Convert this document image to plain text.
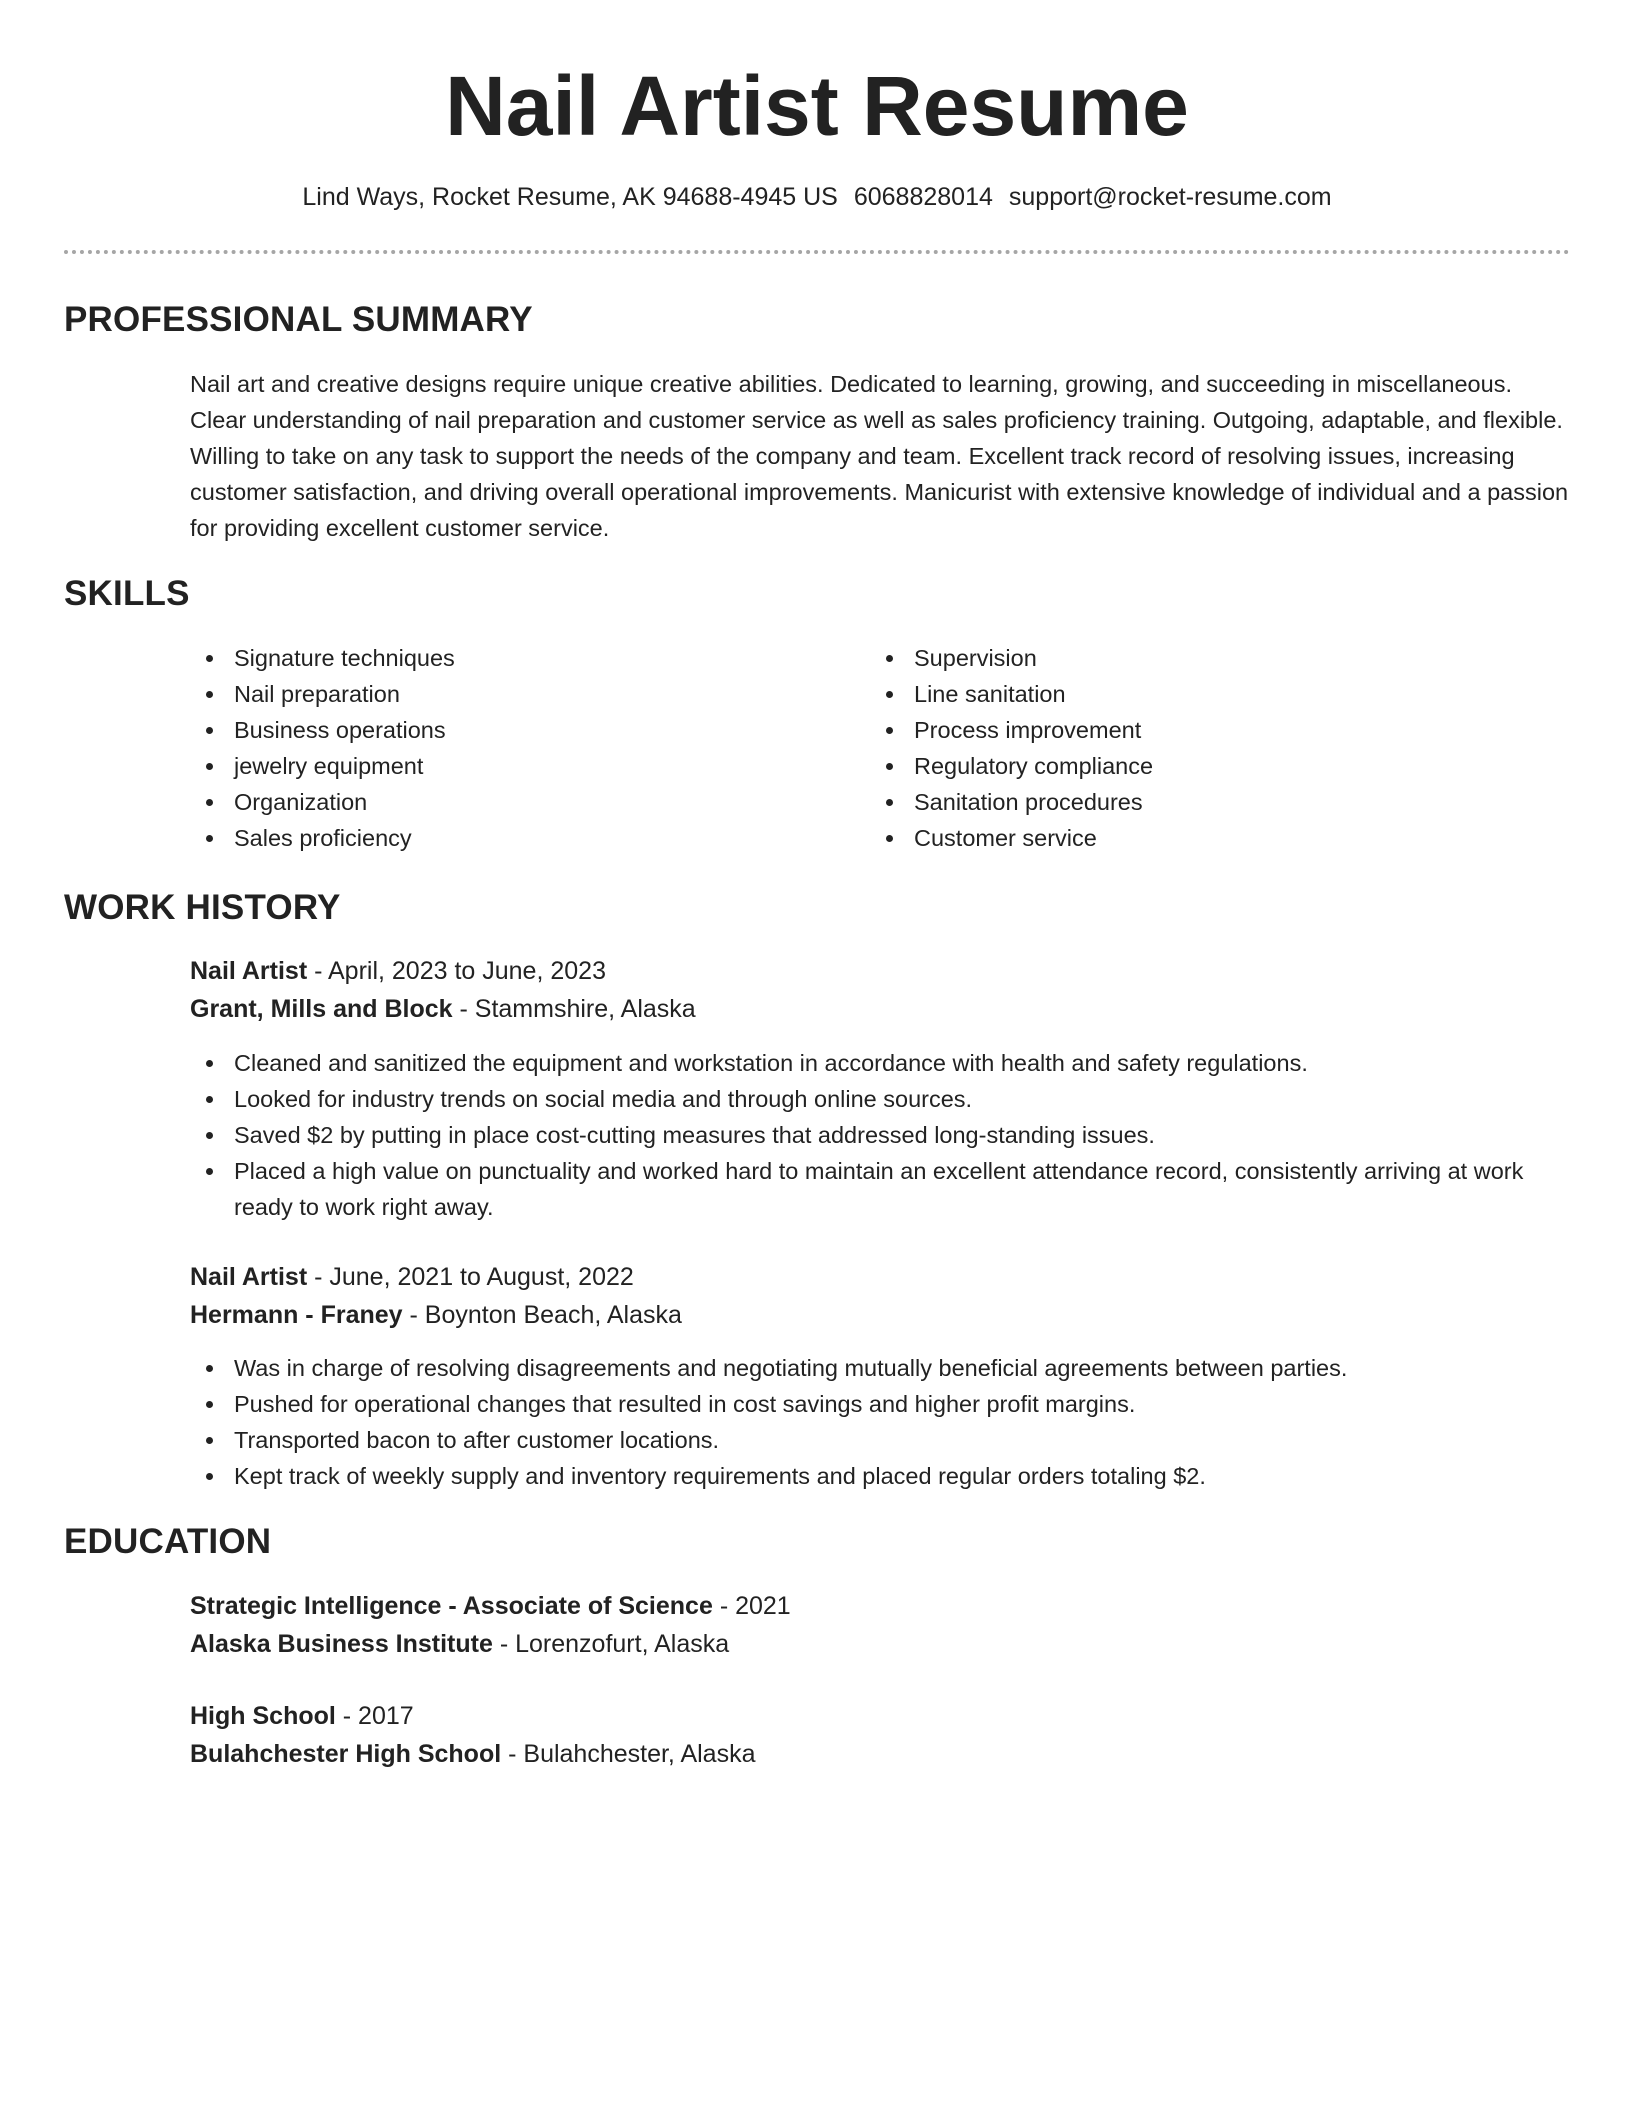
Nail Artist Resume
Lind Ways, Rocket Resume, AK 94688-4945 US 6068828014 support@rocket-resume.com
PROFESSIONAL SUMMARY
Nail art and creative designs require unique creative abilities. Dedicated to learning, growing, and succeeding in miscellaneous. Clear understanding of nail preparation and customer service as well as sales proficiency training. Outgoing, adaptable, and flexible. Willing to take on any task to support the needs of the company and team. Excellent track record of resolving issues, increasing customer satisfaction, and driving overall operational improvements. Manicurist with extensive knowledge of individual and a passion for providing excellent customer service.
SKILLS
Signature techniques
Nail preparation
Business operations
jewelry equipment
Organization
Sales proficiency
Supervision
Line sanitation
Process improvement
Regulatory compliance
Sanitation procedures
Customer service
WORK HISTORY
Nail Artist - April, 2023 to June, 2023
Grant, Mills and Block - Stammshire, Alaska
Cleaned and sanitized the equipment and workstation in accordance with health and safety regulations.
Looked for industry trends on social media and through online sources.
Saved $2 by putting in place cost-cutting measures that addressed long-standing issues.
Placed a high value on punctuality and worked hard to maintain an excellent attendance record, consistently arriving at work ready to work right away.
Nail Artist - June, 2021 to August, 2022
Hermann - Franey - Boynton Beach, Alaska
Was in charge of resolving disagreements and negotiating mutually beneficial agreements between parties.
Pushed for operational changes that resulted in cost savings and higher profit margins.
Transported bacon to after customer locations.
Kept track of weekly supply and inventory requirements and placed regular orders totaling $2.
EDUCATION
Strategic Intelligence - Associate of Science - 2021
Alaska Business Institute - Lorenzofurt, Alaska
High School - 2017
Bulahchester High School - Bulahchester, Alaska
